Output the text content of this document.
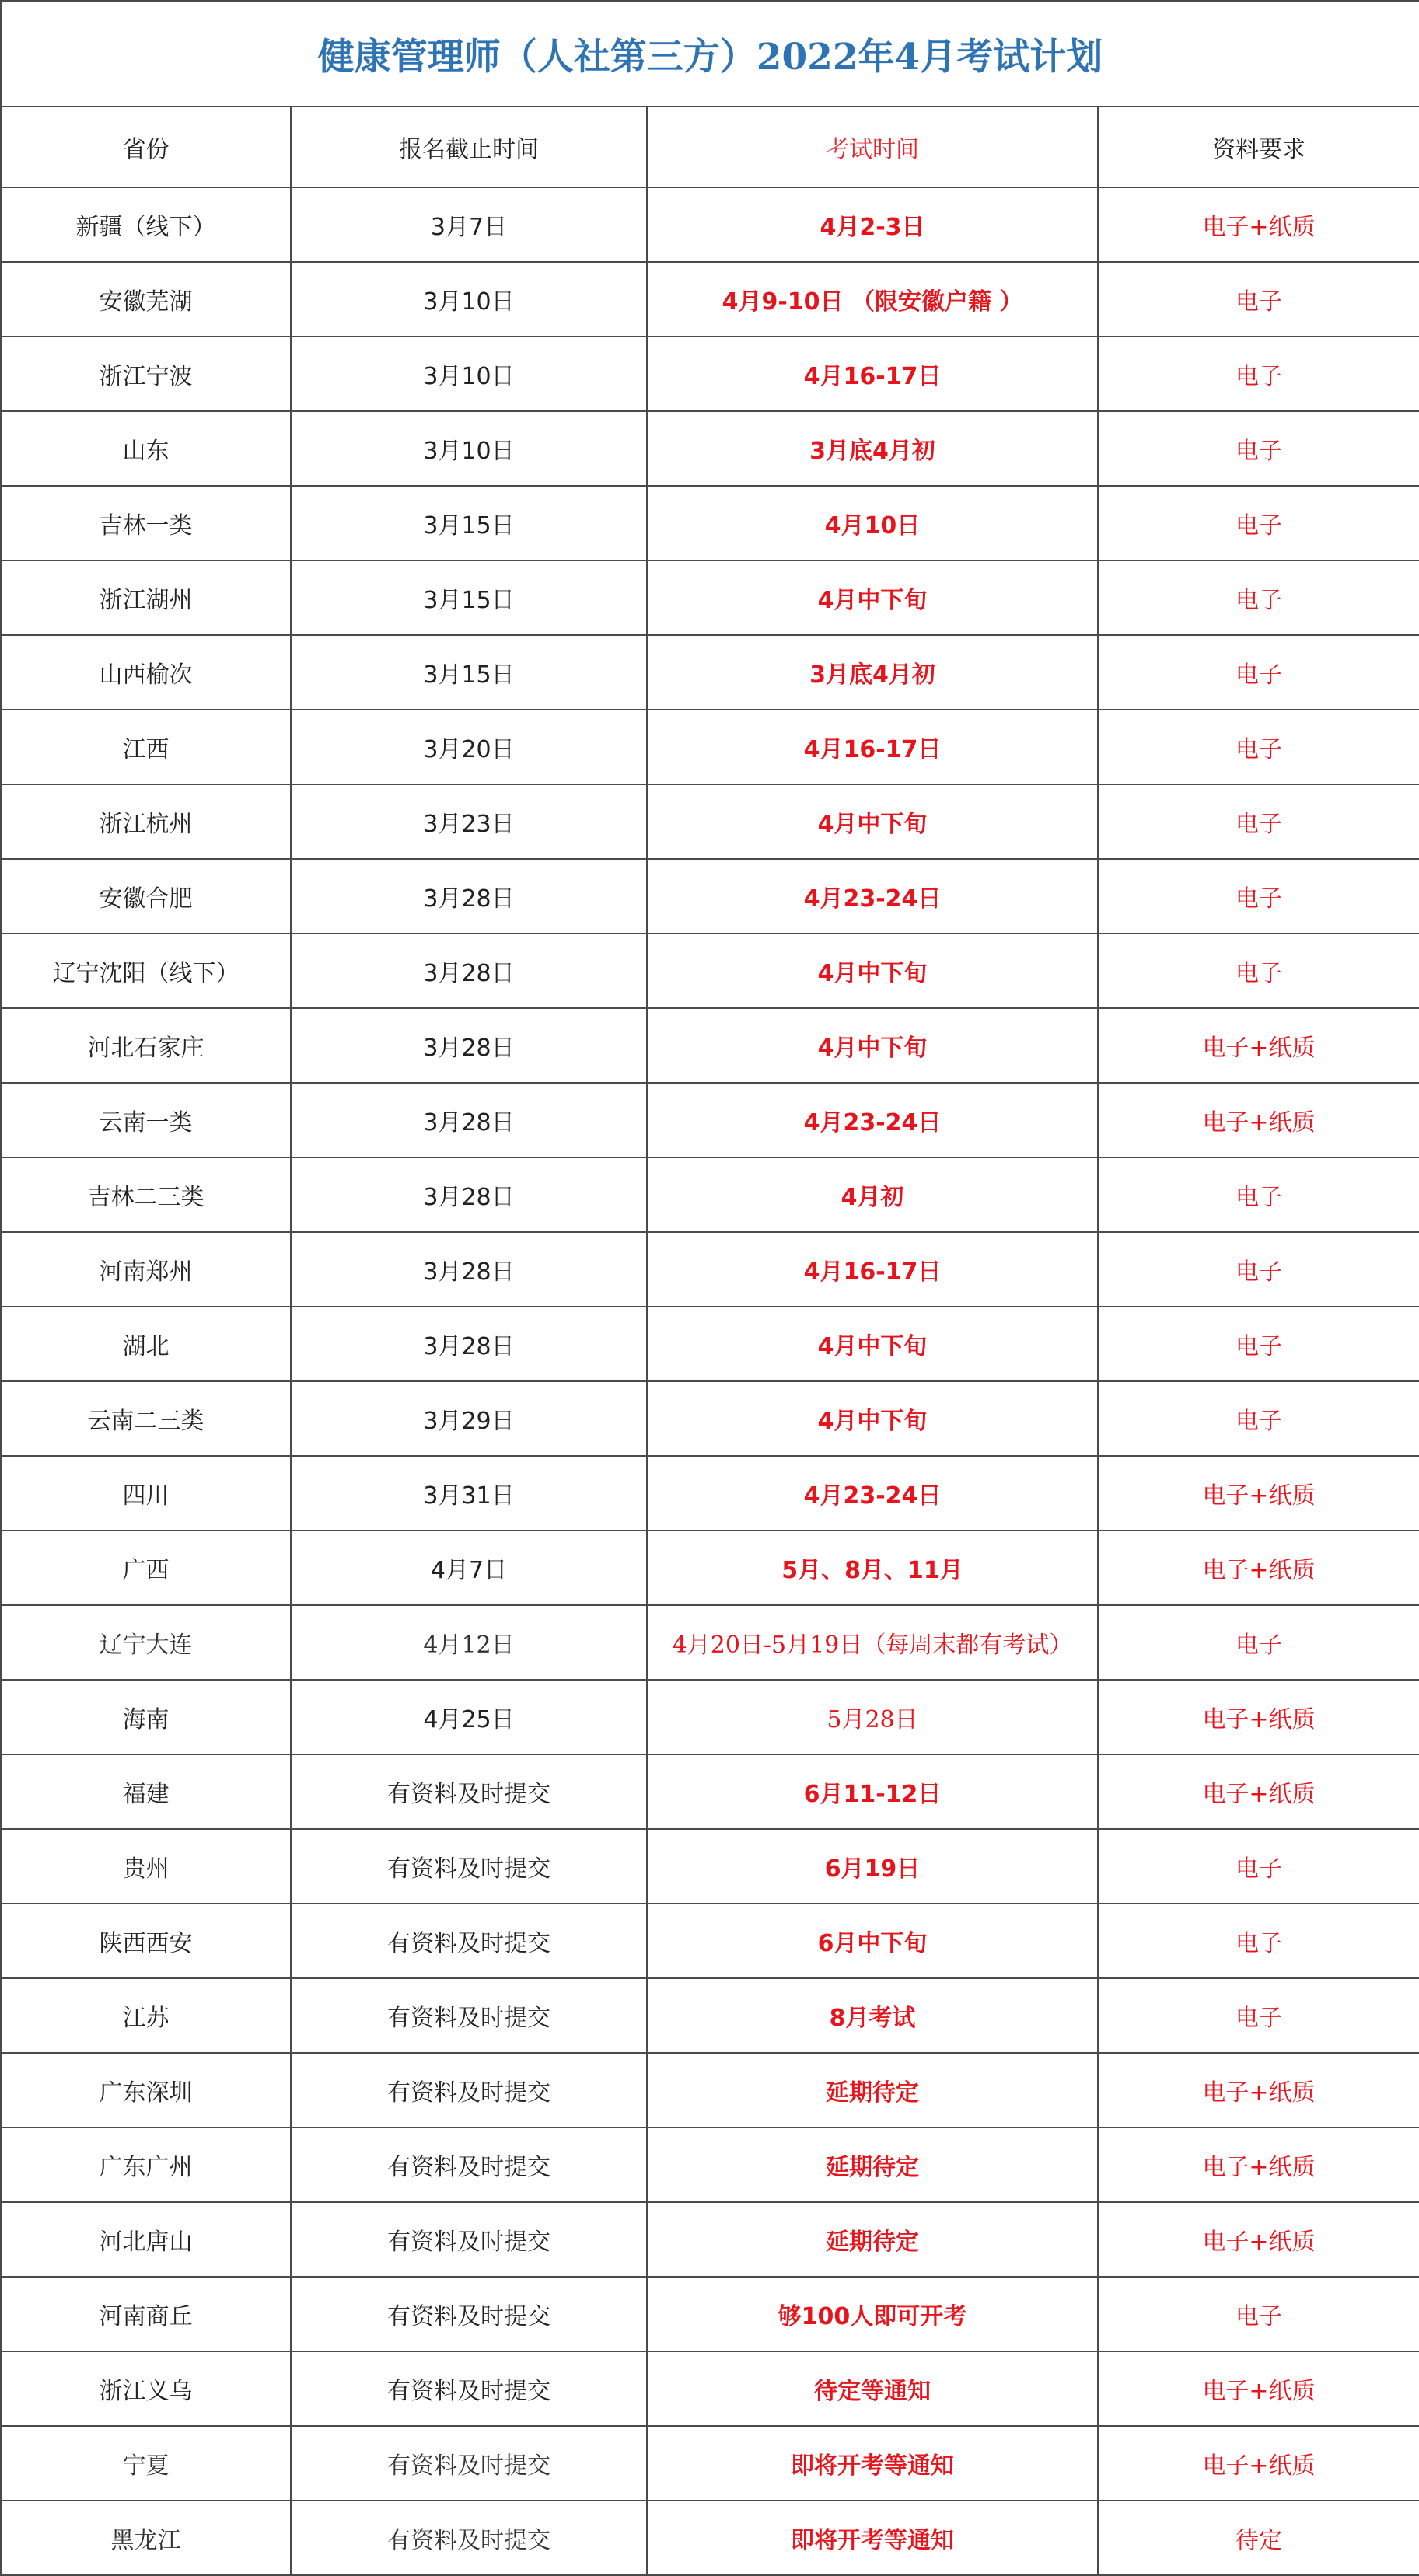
健康管理师（人社第三方）2022年4月考试计划			
省份	报名截止时间	考试时间	资料要求
新疆（线下）	3月7日	4月2-3日	电子+纸质
安徽芜湖	3月10日	4月9-10日 （限安徽户籍 ）	电子
浙江宁波	3月10日	4月16-17日	电子
山东	3月10日	3月底4月初	电子
吉林一类	3月15日	4月10日	电子
浙江湖州	3月15日	4月中下旬	电子
山西榆次	3月15日	3月底4月初	电子
江西	3月20日	4月16-17日	电子
浙江杭州	3月23日	4月中下旬	电子
安徽合肥	3月28日	4月23-24日	电子
辽宁沈阳（线下）	3月28日	4月中下旬	电子
河北石家庄	3月28日	4月中下旬	电子+纸质
云南一类	3月28日	4月23-24日	电子+纸质
吉林二三类	3月28日	4月初	电子
河南郑州	3月28日	4月16-17日	电子
湖北	3月28日	4月中下旬	电子
云南二三类	3月29日	4月中下旬	电子
四川	3月31日	4月23-24日	电子+纸质
广西	4月7日	5月、8月、11月	电子+纸质
辽宁大连	4月12日	4月20日-5月19日（每周末都有考试）	电子
海南	4月25日	5月28日	电子+纸质
福建	有资料及时提交	6月11-12日	电子+纸质
贵州	有资料及时提交	6月19日	电子
陕西西安	有资料及时提交	6月中下旬	电子
江苏	有资料及时提交	8月考试	电子
广东深圳	有资料及时提交	延期待定	电子+纸质
广东广州	有资料及时提交	延期待定	电子+纸质
河北唐山	有资料及时提交	延期待定	电子+纸质
河南商丘	有资料及时提交	够100人即可开考	电子
浙江义乌	有资料及时提交	待定等通知	电子+纸质
宁夏	有资料及时提交	即将开考等通知	电子+纸质
黑龙江	有资料及时提交	即将开考等通知	待定
